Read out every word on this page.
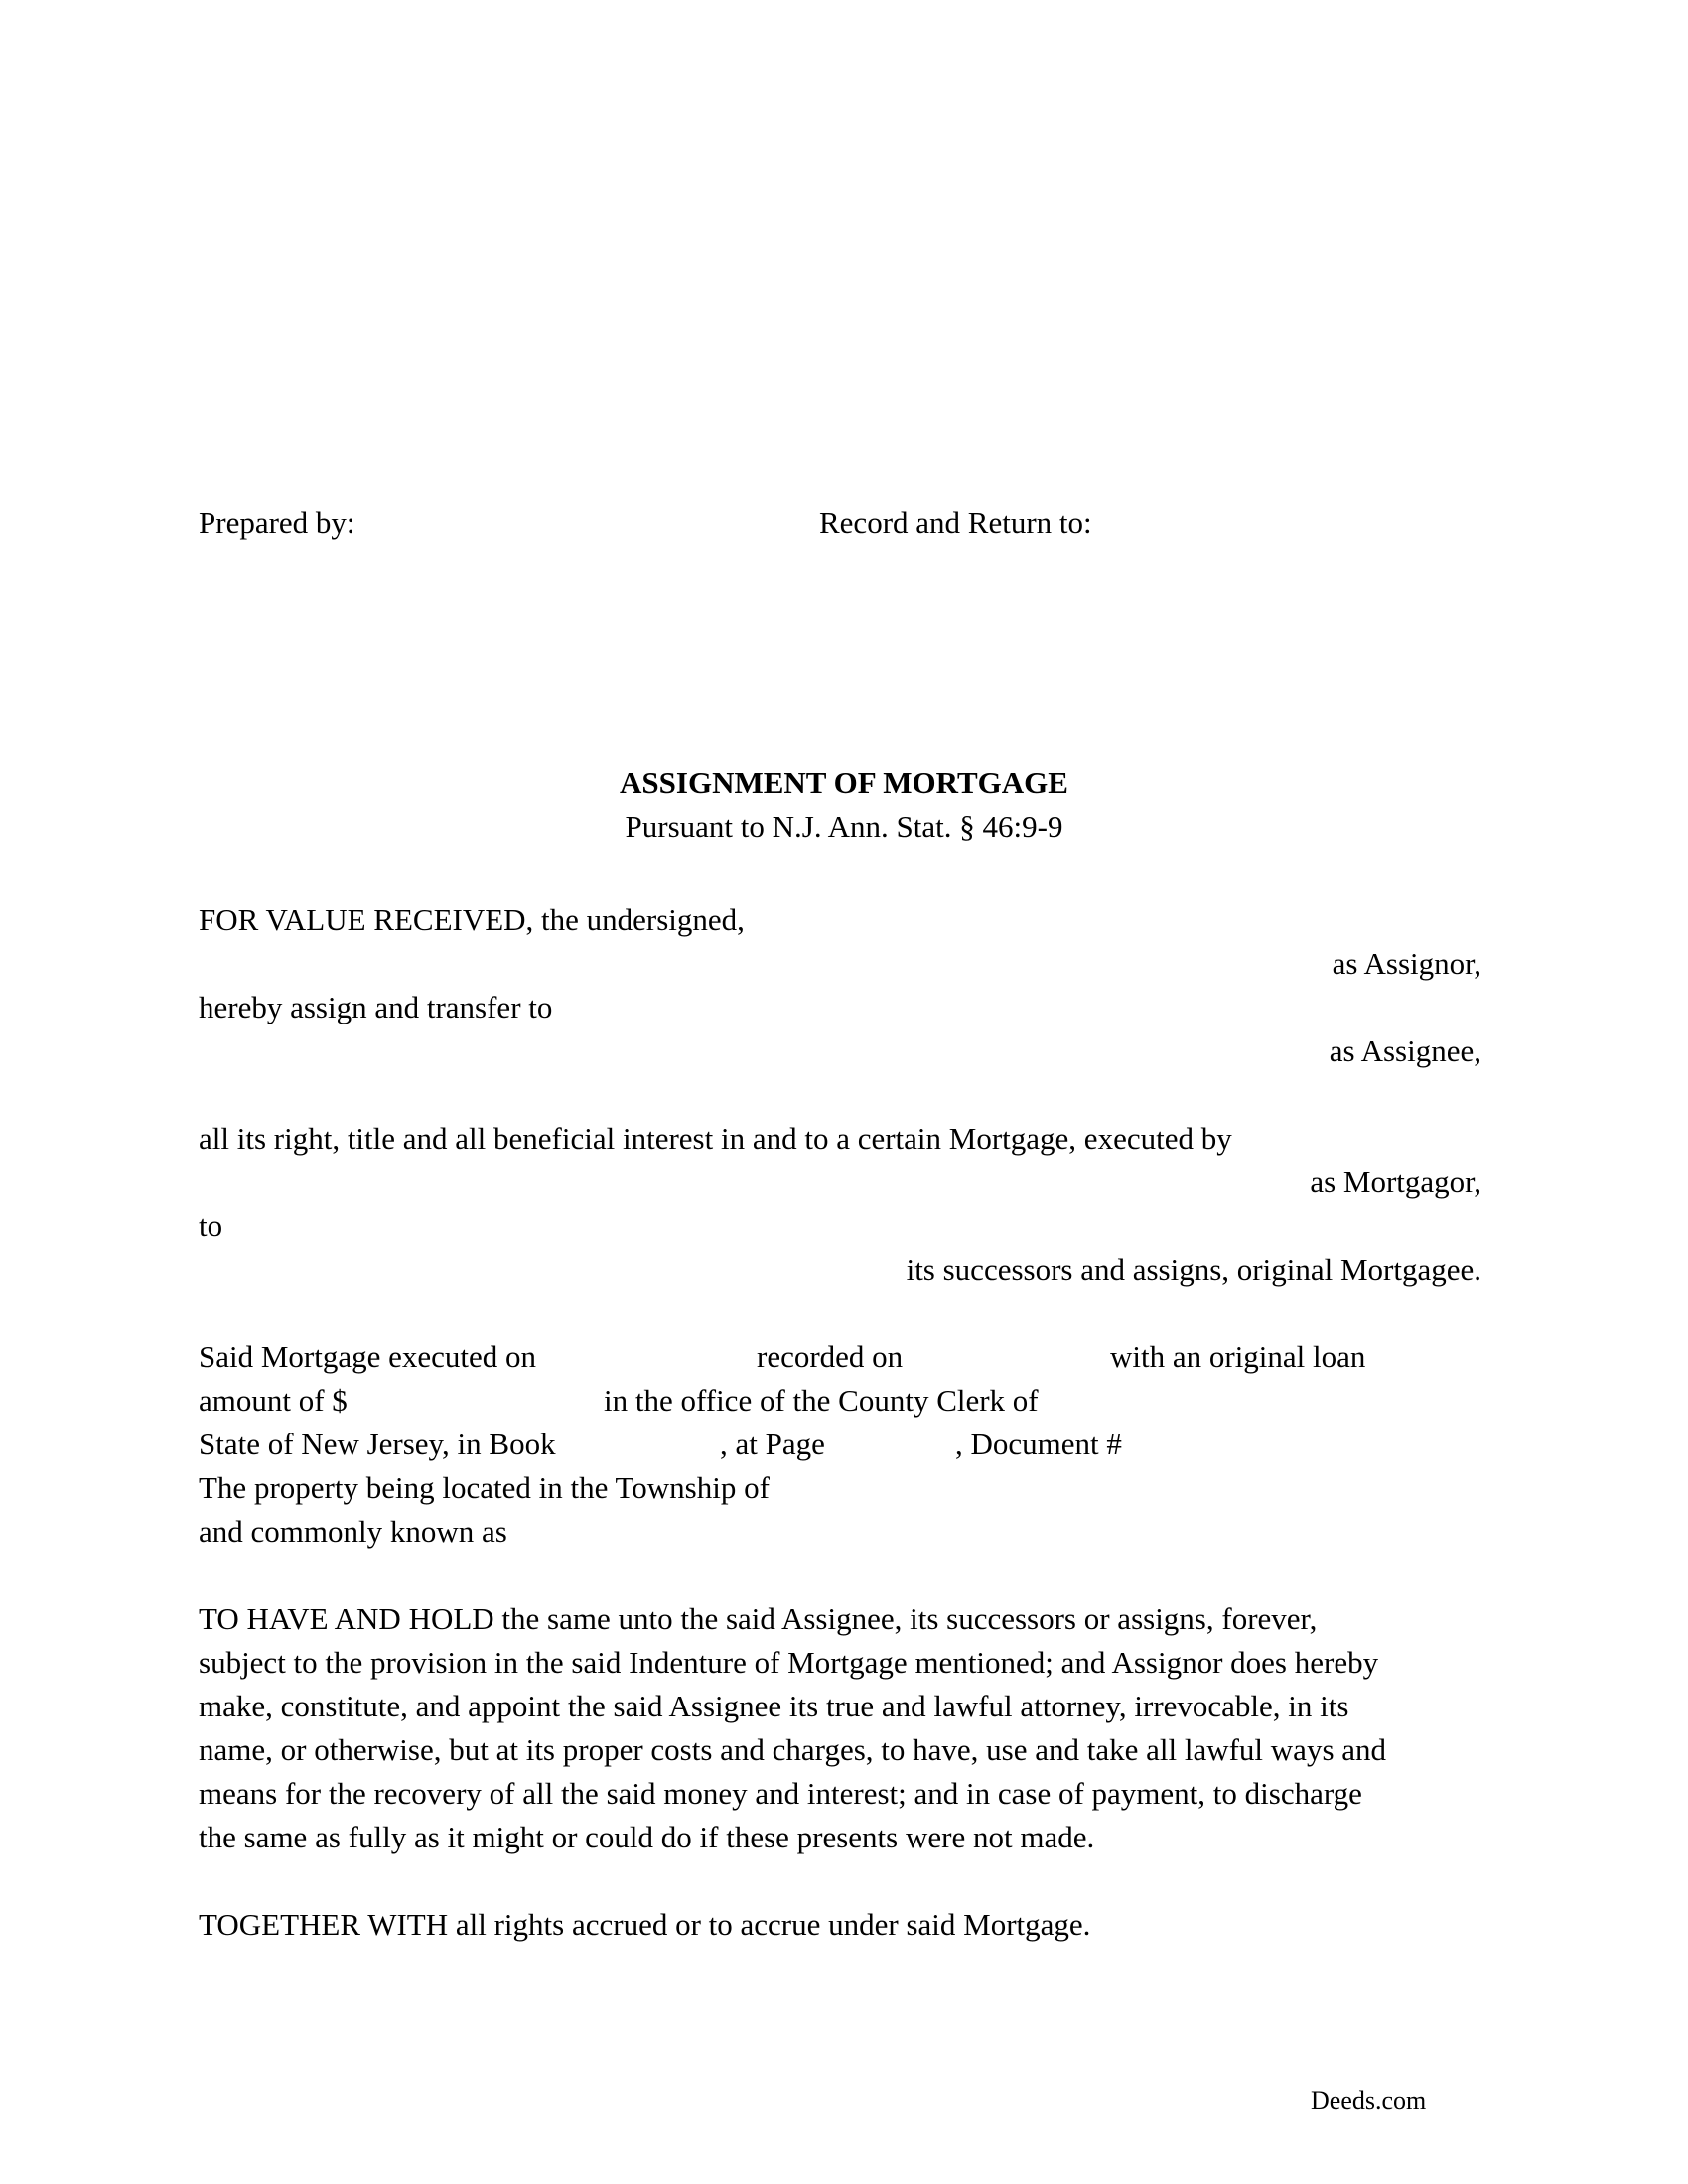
Prepared by:	Record and Return to:
ASSIGNMENT OF MORTGAGE
Pursuant to N.J. Ann. Stat. § 46:9-9
FOR VALUE RECEIVED, the undersigned,
as Assignor,
hereby assign and transfer to
as Assignee,
all its right, title and all beneficial interest in and to a certain Mortgage, executed by
as Mortgagor,
to
its successors and assigns, original Mortgagee.
Said Mortgage executed on	recorded on	with an original loan
amount of $	in the office of the County Clerk of
State of New Jersey, in Book	, at Page	, Document #
The property being located in the Township of
and commonly known as
TO HAVE AND HOLD the same unto the said Assignee, its successors or assigns, forever,
subject to the provision in the said Indenture of Mortgage mentioned; and Assignor does hereby
make, constitute, and appoint the said Assignee its true and lawful attorney, irrevocable, in its
name, or otherwise, but at its proper costs and charges, to have, use and take all lawful ways and
means for the recovery of all the said money and interest; and in case of payment, to discharge
the same as fully as it might or could do if these presents were not made.
TOGETHER WITH all rights accrued or to accrue under said Mortgage.
Deeds.com
